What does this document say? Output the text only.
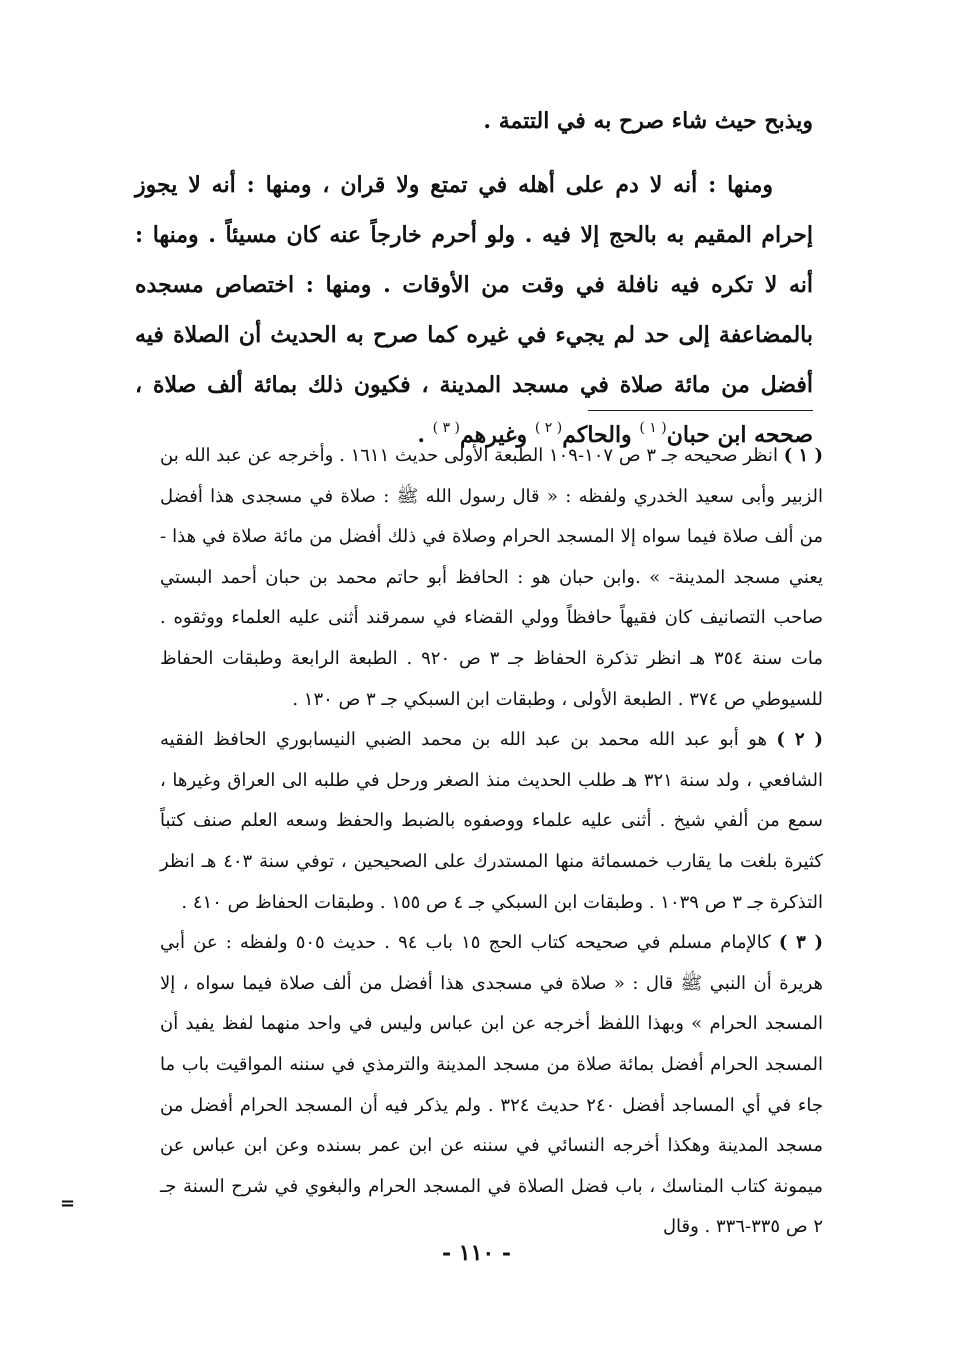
ويذبح حيث شاء صرح به في التتمة .

ومنها : أنه لا دم على أهله في تمتع ولا قران ، ومنها : أنه لا يجوز إحرام المقيم به بالحج إلا فيه . ولو أحرم خارجاً عنه كان مسيئاً . ومنها : أنه لا تكره فيه نافلة في وقت من الأوقات . ومنها : اختصاص مسجده بالمضاعفة إلى حد لم يجيء في غيره كما صرح به الحديث أن الصلاة فيه أفضل من مائة صلاة في مسجد المدينة ، فكيون ذلك بمائة ألف صلاة ، صححه ابن حبان$^{( ١ )}$ والحاكم$^{( ٢ )}$ وغيرهم$^{( ٣ )}$ .

( ١ ) انظر صحيحه جـ ٣ ص ١٠٧-١٠٩ الطبعة الأولى حديث ١٦١١ . وأخرجه عن عبد الله بن الزبير وأبى سعيد الخدري ولفظه : « قال رسول الله ﷺ : صلاة في مسجدى هذا أفضل من ألف صلاة فيما سواه إلا المسجد الحرام وصلاة في ذلك أفضل من مائة صلاة في هذا - يعني مسجد المدينة- » .وابن حبان هو : الحافظ أبو حاتم محمد بن حبان أحمد البستي صاحب التصانيف كان فقيهاً حافظاً وولي القضاء في سمرقند أثنى عليه العلماء ووثقوه . مات سنة ٣٥٤ هـ انظر تذكرة الحفاظ جـ ٣ ص ٩٢٠ . الطبعة الرابعة وطبقات الحفاظ للسيوطي ص ٣٧٤ . الطبعة الأولى ، وطبقات ابن السبكي جـ ٣ ص ١٣٠ .

( ٢ ) هو أبو عبد الله محمد بن عبد الله بن محمد الضبي النيسابوري الحافظ الفقيه الشافعي ، ولد سنة ٣٢١ هـ طلب الحديث منذ الصغر ورحل في طلبه الى العراق وغيرها ، سمع من ألفي شيخ . أثنى عليه علماء ووصفوه بالضبط والحفظ وسعه العلم صنف كتباً كثيرة بلغت ما يقارب خمسمائة منها المستدرك على الصحيحين ، توفي سنة ٤٠٣ هـ انظر التذكرة جـ ٣ ص ١٠٣٩ . وطبقات ابن السبكي جـ ٤ ص ١٥٥ . وطبقات الحفاظ ص ٤١٠ .

( ٣ ) كالإمام مسلم في صحيحه كتاب الحج ١٥ باب ٩٤ . حديث ٥٠٥ ولفظه : عن أبي هريرة أن النبي ﷺ قال : « صلاة في مسجدى هذا أفضل من ألف صلاة فيما سواه ، إلا المسجد الحرام » وبهذا اللفظ أخرجه عن ابن عباس وليس في واحد منهما لفظ يفيد أن المسجد الحرام أفضل بمائة صلاة من مسجد المدينة والترمذي في سننه المواقيت باب ما جاء في أي المساجد أفضل ٢٤٠ حديث ٣٢٤ . ولم يذكر فيه أن المسجد الحرام أفضل من مسجد المدينة وهكذا أخرجه النسائي في سننه عن ابن عمر بسنده وعن ابن عباس عن ميمونة كتاب المناسك ، باب فضل الصلاة في المسجد الحرام والبغوي في شرح السنة جـ ٢ ص ٣٣٥-٣٣٦ . وقال

=
- ١١٠ -
